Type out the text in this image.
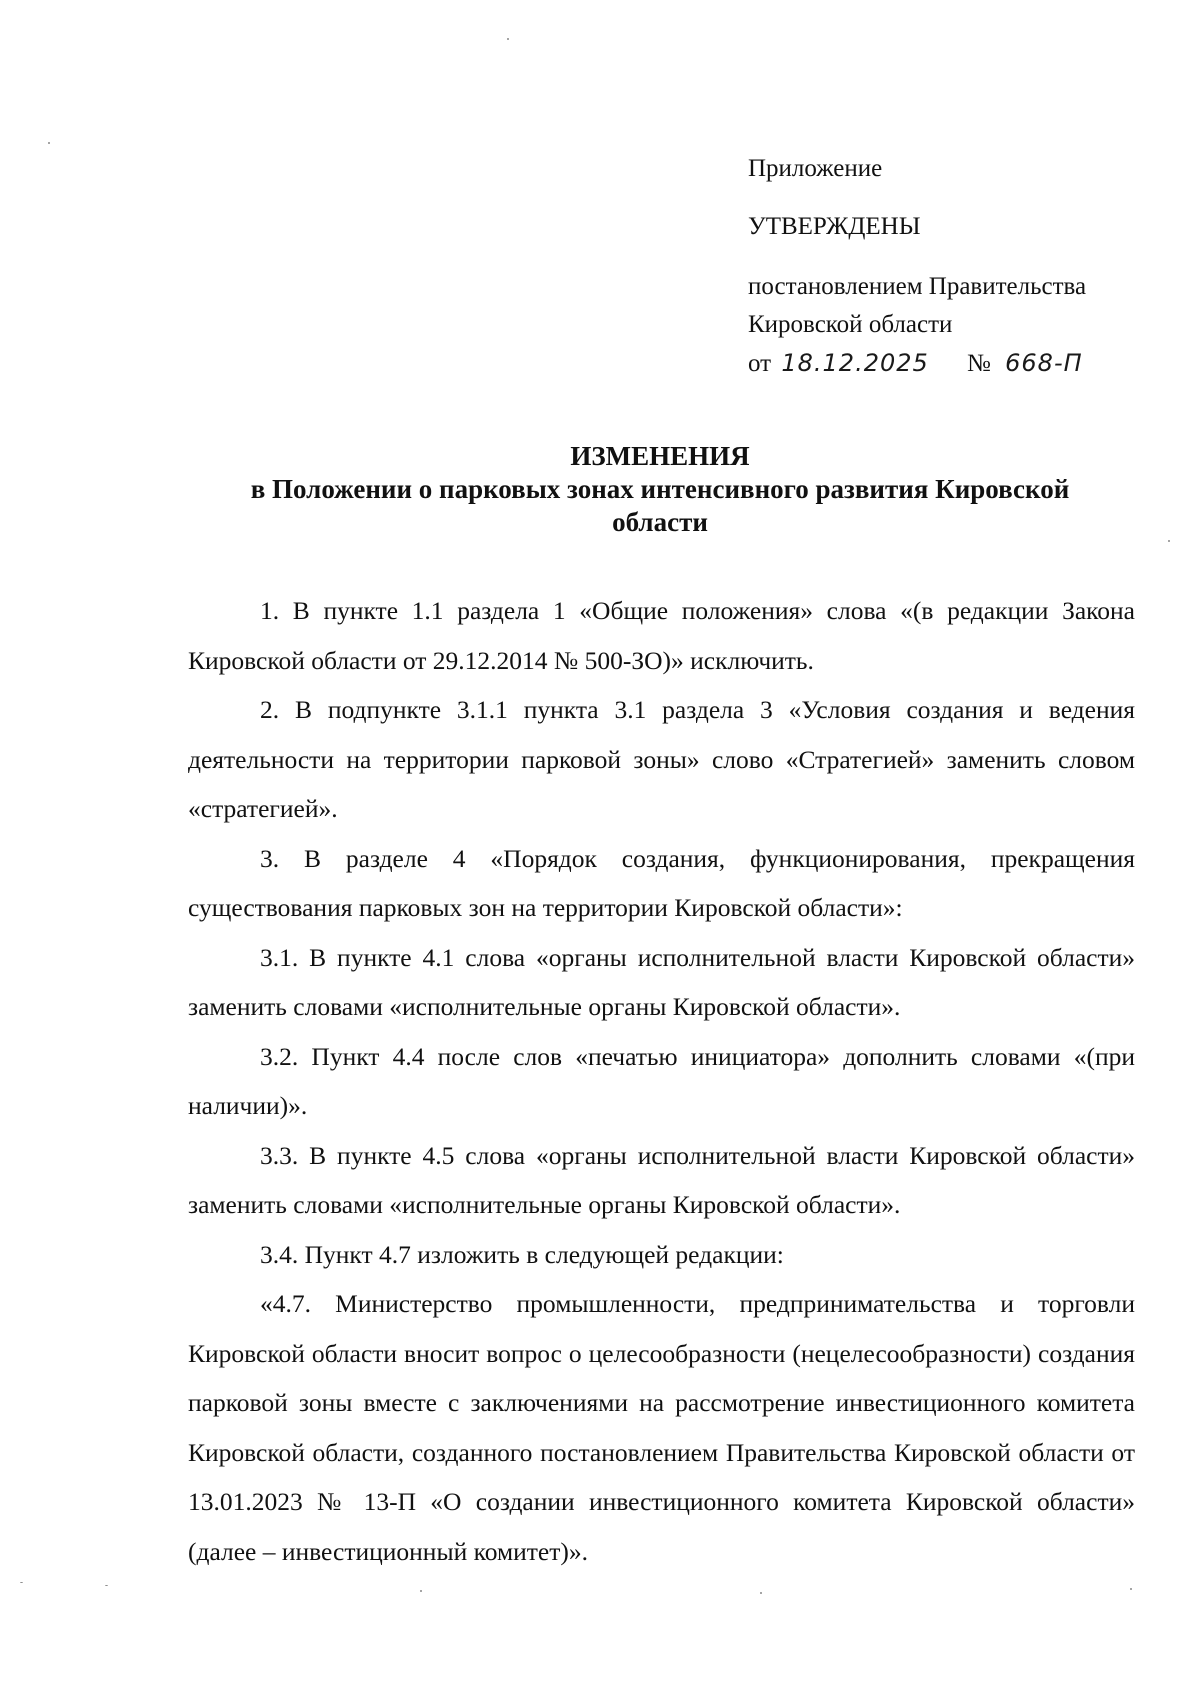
Приложение

УТВЕРЖДЕНЫ

постановлением Правительства
Кировской области
от 18.12.2025 № 668-П

ИЗМЕНЕНИЯ
в Положении о парковых зонах интенсивного развития Кировской области

1. В пункте 1.1 раздела 1 «Общие положения» слова «(в редакции Закона Кировской области от 29.12.2014 № 500-ЗО)» исключить.

2. В подпункте 3.1.1 пункта 3.1 раздела 3 «Условия создания и ведения деятельности на территории парковой зоны» слово «Стратегией» заменить словом «стратегией».

3. В разделе 4 «Порядок создания, функционирования, прекращения существования парковых зон на территории Кировской области»:

3.1. В пункте 4.1 слова «органы исполнительной власти Кировской области» заменить словами «исполнительные органы Кировской области».

3.2. Пункт 4.4 после слов «печатью инициатора» дополнить словами «(при наличии)».

3.3. В пункте 4.5 слова «органы исполнительной власти Кировской области» заменить словами «исполнительные органы Кировской области».

3.4. Пункт 4.7 изложить в следующей редакции:

«4.7. Министерство промышленности, предпринимательства и торговли Кировской области вносит вопрос о целесообразности (нецелесообразности) создания парковой зоны вместе с заключениями на рассмотрение инвестиционного комитета Кировской области, созданного постановлением Правительства Кировской области от 13.01.2023 № 13-П «О создании инвестиционного комитета Кировской области» (далее – инвестиционный комитет)».
